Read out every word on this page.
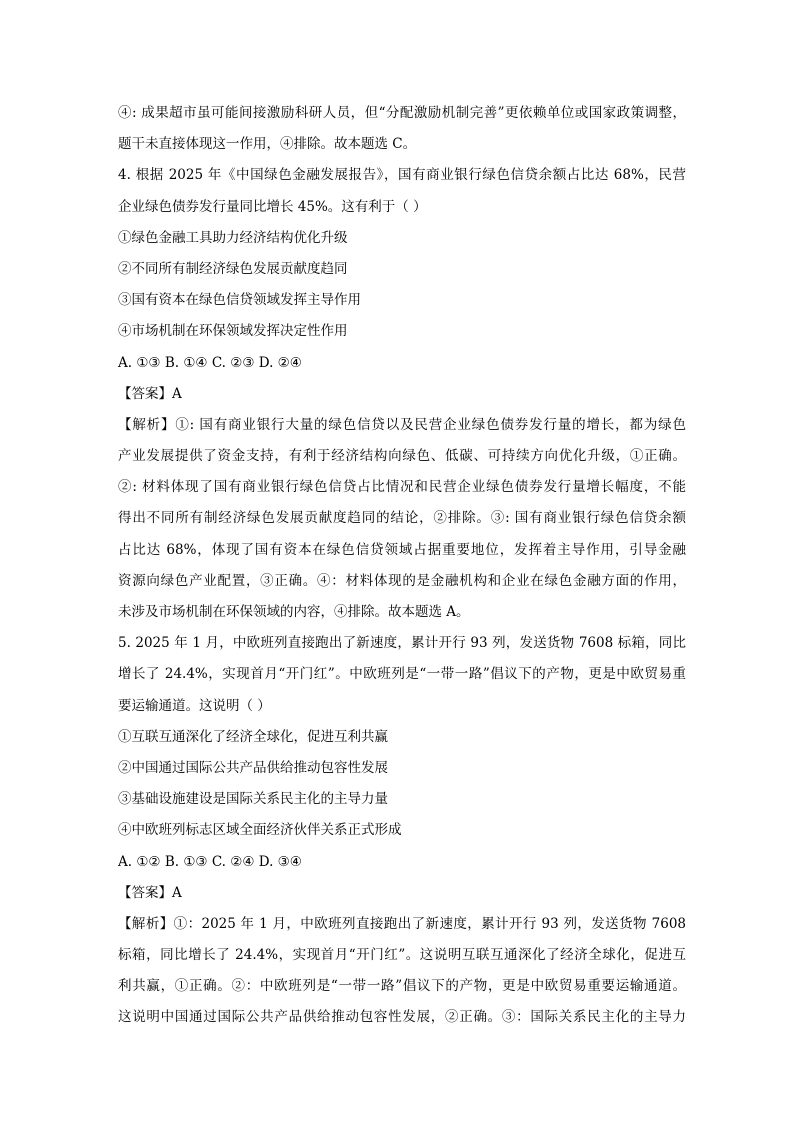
④: 成果超市虽可能间接激励科研人员，但“分配激励机制完善”更依赖单位或国家政策调整，
题干未直接体现这一作用，④排除。故本题选 C。
4. 根据 2025 年《中国绿色金融发展报告》，国有商业银行绿色信贷余额占比达 68%，民营
企业绿色债券发行量同比增长 45%。这有利于（ ）
①绿色金融工具助力经济结构优化升级
②不同所有制经济绿色发展贡献度趋同
③国有资本在绿色信贷领域发挥主导作用
④市场机制在环保领域发挥决定性作用
A. ①③ B. ①④ C. ②③ D. ②④
【答案】A
【解析】①: 国有商业银行大量的绿色信贷以及民营企业绿色债券发行量的增长，都为绿色
产业发展提供了资金支持，有利于经济结构向绿色、低碳、可持续方向优化升级，①正确。
②: 材料体现了国有商业银行绿色信贷占比情况和民营企业绿色债券发行量增长幅度，不能
得出不同所有制经济绿色发展贡献度趋同的结论，②排除。③: 国有商业银行绿色信贷余额
占比达 68%，体现了国有资本在绿色信贷领域占据重要地位，发挥着主导作用，引导金融
资源向绿色产业配置，③正确。④：材料体现的是金融机构和企业在绿色金融方面的作用，
未涉及市场机制在环保领域的内容，④排除。故本题选 A。
5. 2025 年 1 月，中欧班列直接跑出了新速度，累计开行 93 列，发送货物 7608 标箱，同比
增长了 24.4%，实现首月“开门红”。中欧班列是“一带一路”倡议下的产物，更是中欧贸易重
要运输通道。这说明（ ）
①互联互通深化了经济全球化，促进互利共赢
②中国通过国际公共产品供给推动包容性发展
③基础设施建设是国际关系民主化的主导力量
④中欧班列标志区域全面经济伙伴关系正式形成
A. ①② B. ①③ C. ②④ D. ③④
【答案】A
【解析】①：2025 年 1 月，中欧班列直接跑出了新速度，累计开行 93 列，发送货物 7608
标箱，同比增长了 24.4%，实现首月“开门红”。这说明互联互通深化了经济全球化，促进互
利共赢，①正确。②：中欧班列是“一带一路”倡议下的产物，更是中欧贸易重要运输通道。
这说明中国通过国际公共产品供给推动包容性发展，②正确。③：国际关系民主化的主导力
